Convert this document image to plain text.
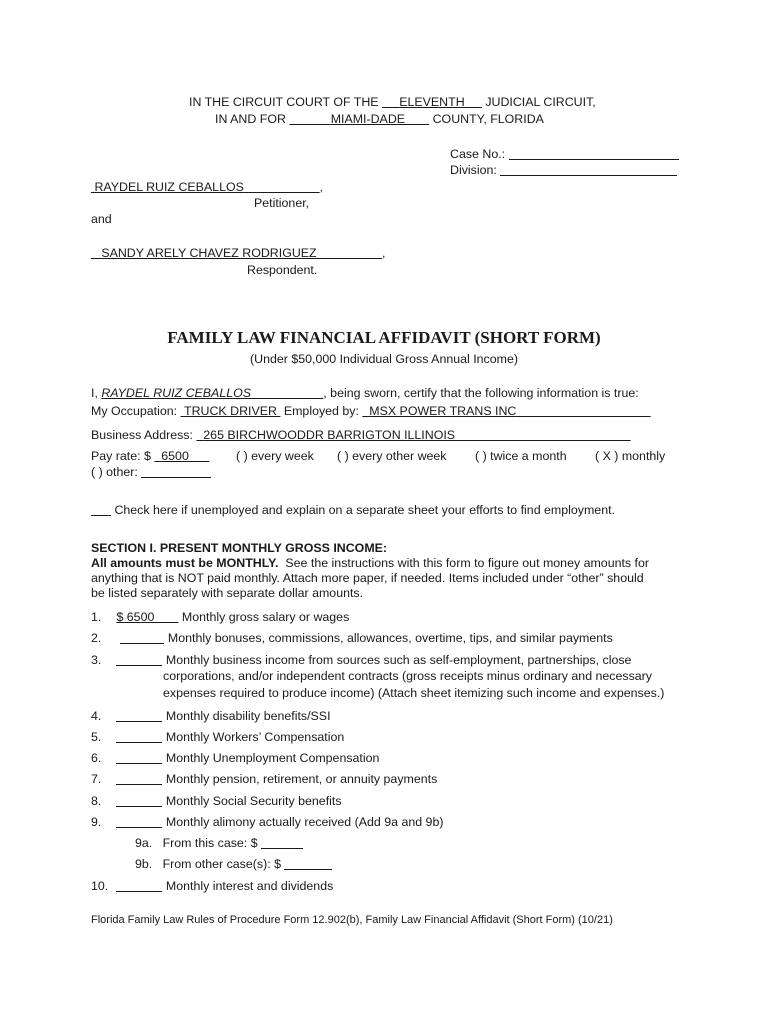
IN THE CIRCUIT COURT OF THE ELEVENTH JUDICIAL CIRCUIT,
IN AND FOR	MIAMI-DADE COUNTY, FLORIDA
Case No.:
Division:
RAYDEL RUIZ CEBALLOS	,
Petitioner,
and
SANDY ARELY CHAVEZ RODRIGUEZ	,
Respondent.
FAMILY LAW FINANCIAL AFFIDAVIT (SHORT FORM)
(Under $50,000 Individual Gross Annual Income)
I, RAYDEL RUIZ CEBALLOS	, being sworn, certify that the following information is true:
My Occupation: TRUCK DRIVER Employed by: MSX POWER TRANS INC
Business Address: 265 BIRCHWOODDR BARRIGTON ILLINOIS
Pay rate: $ 6500	( ) every week ( ) every other week ( ) twice a month ( X ) monthly
( ) other:
Check here if unemployed and explain on a separate sheet your efforts to find employment.
SECTION I. PRESENT MONTHLY GROSS INCOME:
All amounts must be MONTHLY. See the instructions with this form to figure out money amounts for
anything that is NOT paid monthly. Attach more paper, if needed. Items included under “other” should
be listed separately with separate dollar amounts.
1. $ 6500 Monthly gross salary or wages
2.	Monthly bonuses, commissions, allowances, overtime, tips, and similar payments
3.	Monthly business income from sources such as self-employment, partnerships, close
corporations, and/or independent contracts (gross receipts minus ordinary and necessary
expenses required to produce income) (Attach sheet itemizing such income and expenses.)
4.	Monthly disability benefits/SSI
5.	Monthly Workers’ Compensation
6.	Monthly Unemployment Compensation
7.	Monthly pension, retirement, or annuity payments
8.	Monthly Social Security benefits
9.	Monthly alimony actually received (Add 9a and 9b)
9a. From this case: $
9b. From other case(s): $
10.	Monthly interest and dividends
Florida Family Law Rules of Procedure Form 12.902(b), Family Law Financial Affidavit (Short Form) (10/21)
